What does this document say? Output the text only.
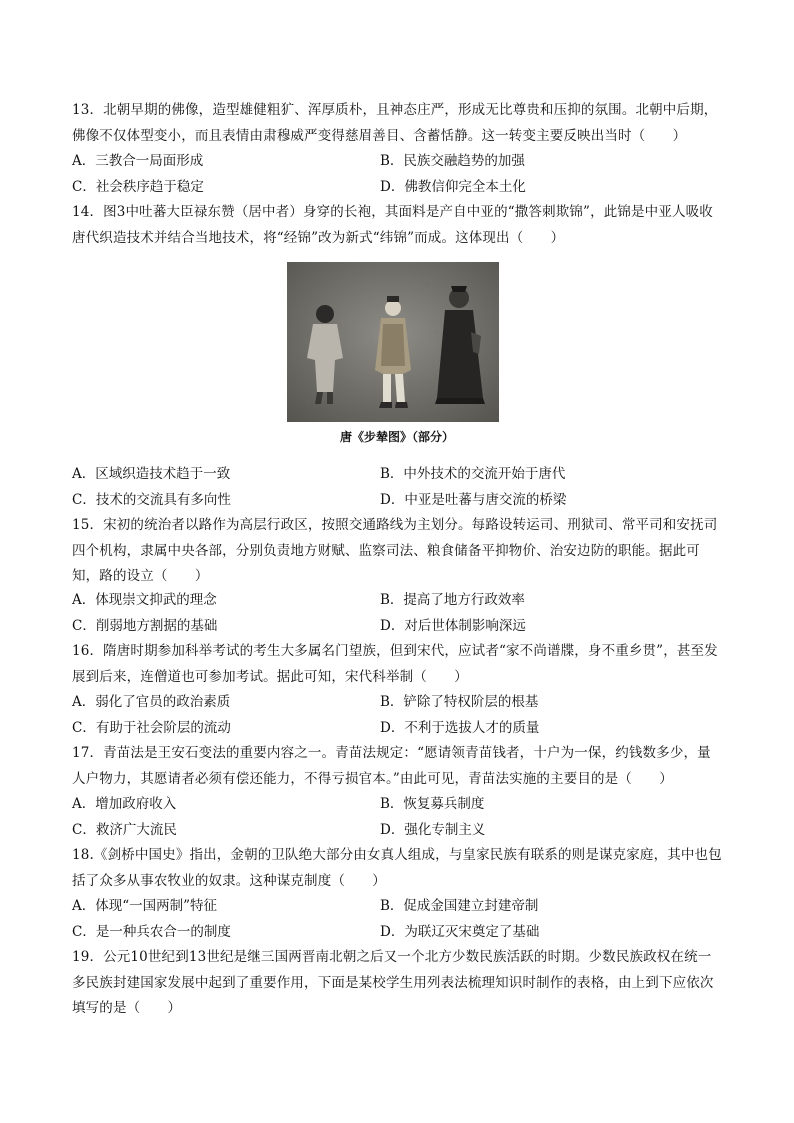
13．北朝早期的佛像，造型雄健粗犷、浑厚质朴，且神态庄严，形成无比尊贵和压抑的氛围。北朝中后期，佛像不仅体型变小，而且表情由肃穆威严变得慈眉善目、含蓄恬静。这一转变主要反映出当时（　　）
A．三教合一局面形成	B．民族交融趋势的加强
C．社会秩序趋于稳定	D．佛教信仰完全本土化
14．图3中吐蕃大臣禄东赞（居中者）身穿的长袍，其面料是产自中亚的“撒答刺欺锦”，此锦是中亚人吸收唐代织造技术并结合当地技术，将“经锦”改为新式“纬锦”而成。这体现出（　　）
唐《步辇图》（部分）
A．区域织造技术趋于一致	B．中外技术的交流开始于唐代
C．技术的交流具有多向性	D．中亚是吐蕃与唐交流的桥梁
15．宋初的统治者以路作为高层行政区，按照交通路线为主划分。每路设转运司、刑狱司、常平司和安抚司四个机构，隶属中央各部，分别负责地方财赋、监察司法、粮食储备平抑物价、治安边防的职能。据此可知，路的设立（　　）
A．体现崇文抑武的理念	B．提高了地方行政效率
C．削弱地方割据的基础	D．对后世体制影响深远
16．隋唐时期参加科举考试的考生大多属名门望族，但到宋代，应试者“家不尚谱牒，身不重乡贯”，甚至发展到后来，连僧道也可参加考试。据此可知，宋代科举制（　　）
A．弱化了官员的政治素质	B．铲除了特权阶层的根基
C．有助于社会阶层的流动	D．不利于选拔人才的质量
17．青苗法是王安石变法的重要内容之一。青苗法规定：“愿请领青苗钱者，十户为一保，约钱数多少，量人户物力，其愿请者必须有偿还能力，不得亏损官本。”由此可见，青苗法实施的主要目的是（　　）
A．增加政府收入	B．恢复募兵制度
C．救济广大流民	D．强化专制主义
18.《剑桥中国史》指出，金朝的卫队绝大部分由女真人组成，与皇家民族有联系的则是谋克家庭，其中也包括了众多从事农牧业的奴隶。这种谋克制度（　　）
A．体现“一国两制”特征	B．促成金国建立封建帝制
C．是一种兵农合一的制度	D．为联辽灭宋奠定了基础
19．公元10世纪到13世纪是继三国两晋南北朝之后又一个北方少数民族活跃的时期。少数民族政权在统一多民族封建国家发展中起到了重要作用，下面是某校学生用列表法梳理知识时制作的表格，由上到下应依次填写的是（　　）
